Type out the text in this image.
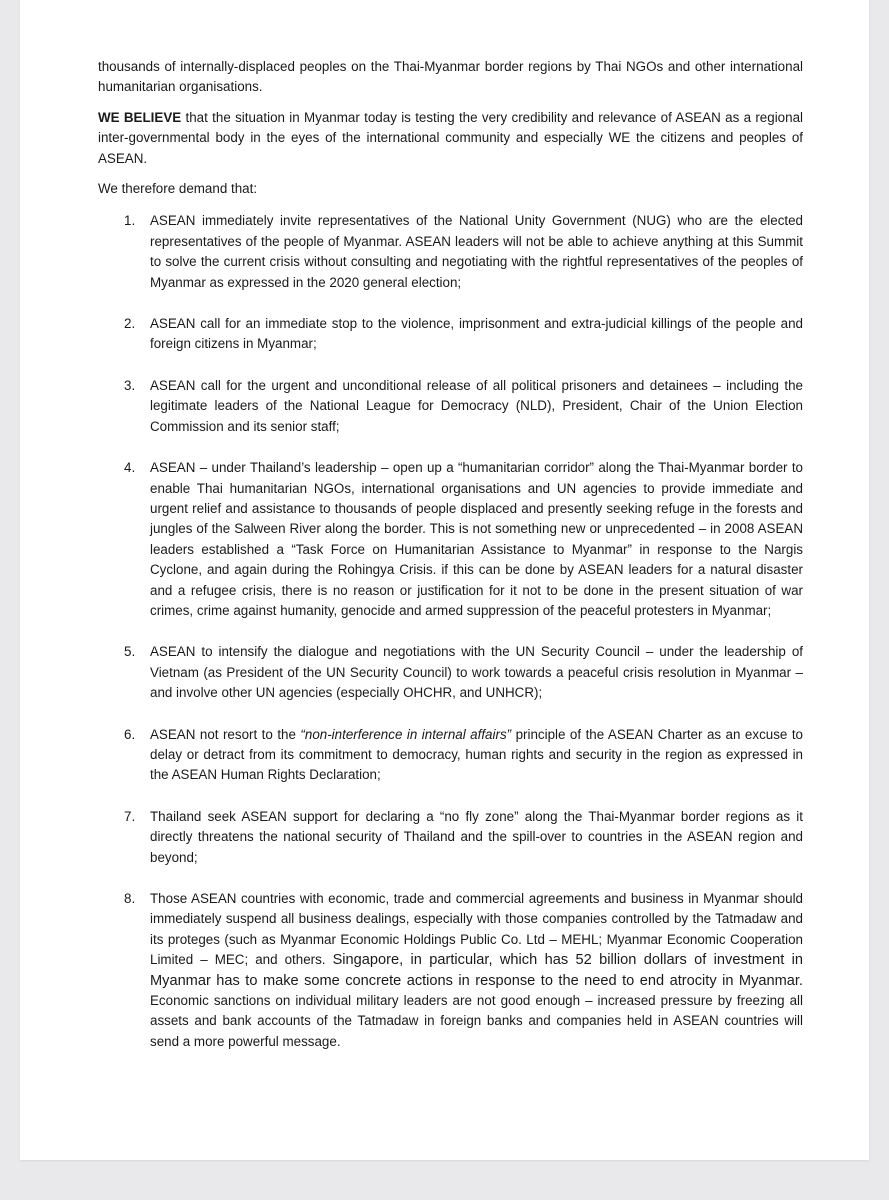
thousands of internally-displaced peoples on the Thai-Myanmar border regions by Thai NGOs and other international humanitarian organisations.

WE BELIEVE that the situation in Myanmar today is testing the very credibility and relevance of ASEAN as a regional inter-governmental body in the eyes of the international community and especially WE the citizens and peoples of ASEAN.

We therefore demand that:

1. ASEAN immediately invite representatives of the National Unity Government (NUG) who are the elected representatives of the people of Myanmar. ASEAN leaders will not be able to achieve anything at this Summit to solve the current crisis without consulting and negotiating with the rightful representatives of the peoples of Myanmar as expressed in the 2020 general election;
2. ASEAN call for an immediate stop to the violence, imprisonment and extra-judicial killings of the people and foreign citizens in Myanmar;
3. ASEAN call for the urgent and unconditional release of all political prisoners and detainees – including the legitimate leaders of the National League for Democracy (NLD), President, Chair of the Union Election Commission and its senior staff;
4. ASEAN – under Thailand’s leadership – open up a “humanitarian corridor” along the Thai-Myanmar border to enable Thai humanitarian NGOs, international organisations and UN agencies to provide immediate and urgent relief and assistance to thousands of people displaced and presently seeking refuge in the forests and jungles of the Salween River along the border. This is not something new or unprecedented – in 2008 ASEAN leaders established a “Task Force on Humanitarian Assistance to Myanmar” in response to the Nargis Cyclone, and again during the Rohingya Crisis. if this can be done by ASEAN leaders for a natural disaster and a refugee crisis, there is no reason or justification for it not to be done in the present situation of war crimes, crime against humanity, genocide and armed suppression of the peaceful protesters in Myanmar;
5. ASEAN to intensify the dialogue and negotiations with the UN Security Council – under the leadership of Vietnam (as President of the UN Security Council) to work towards a peaceful crisis resolution in Myanmar – and involve other UN agencies (especially OHCHR, and UNHCR);
6. ASEAN not resort to the “non-interference in internal affairs” principle of the ASEAN Charter as an excuse to delay or detract from its commitment to democracy, human rights and security in the region as expressed in the ASEAN Human Rights Declaration;
7. Thailand seek ASEAN support for declaring a “no fly zone” along the Thai-Myanmar border regions as it directly threatens the national security of Thailand and the spill-over to countries in the ASEAN region and beyond;
8. Those ASEAN countries with economic, trade and commercial agreements and business in Myanmar should immediately suspend all business dealings, especially with those companies controlled by the Tatmadaw and its proteges (such as Myanmar Economic Holdings Public Co. Ltd – MEHL; Myanmar Economic Cooperation Limited – MEC; and others. Singapore, in particular, which has 52 billion dollars of investment in Myanmar has to make some concrete actions in response to the need to end atrocity in Myanmar. Economic sanctions on individual military leaders are not good enough – increased pressure by freezing all assets and bank accounts of the Tatmadaw in foreign banks and companies held in ASEAN countries will send a more powerful message.
